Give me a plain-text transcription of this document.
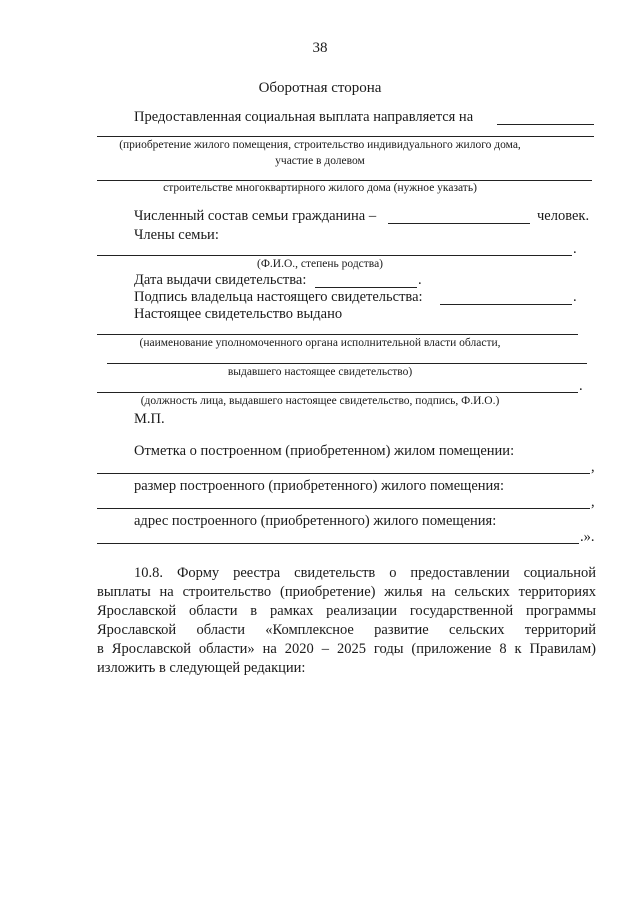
38
Оборотная сторона
Предоставленная социальная выплата направляется на
(приобретение жилого помещения, строительство индивидуального жилого дома,
участие в долевом
строительстве многоквартирного жилого дома (нужное указать)
Численный состав семьи гражданина –	человек.
Члены семьи:
.
(Ф.И.О., степень родства)
Дата выдачи свидетельства:	.
Подпись владельца настоящего свидетельства:	.
Настоящее свидетельство выдано
(наименование уполномоченного органа исполнительной власти области,
выдавшего настоящее свидетельство)
.
(должность лица, выдавшего настоящее свидетельство, подпись, Ф.И.О.)
М.П.
Отметка о построенном (приобретенном) жилом помещении:
,
размер построенного (приобретенного) жилого помещения:
,
адрес построенного (приобретенного) жилого помещения:
.».
10.8. Форму реестра свидетельств о предоставлении социальной
выплаты на строительство (приобретение) жилья на сельских территориях
Ярославской области в рамках реализации государственной программы
Ярославской области «Комплексное развитие сельских территорий
в Ярославской области» на 2020 – 2025 годы (приложение 8 к Правилам)
изложить в следующей редакции:
